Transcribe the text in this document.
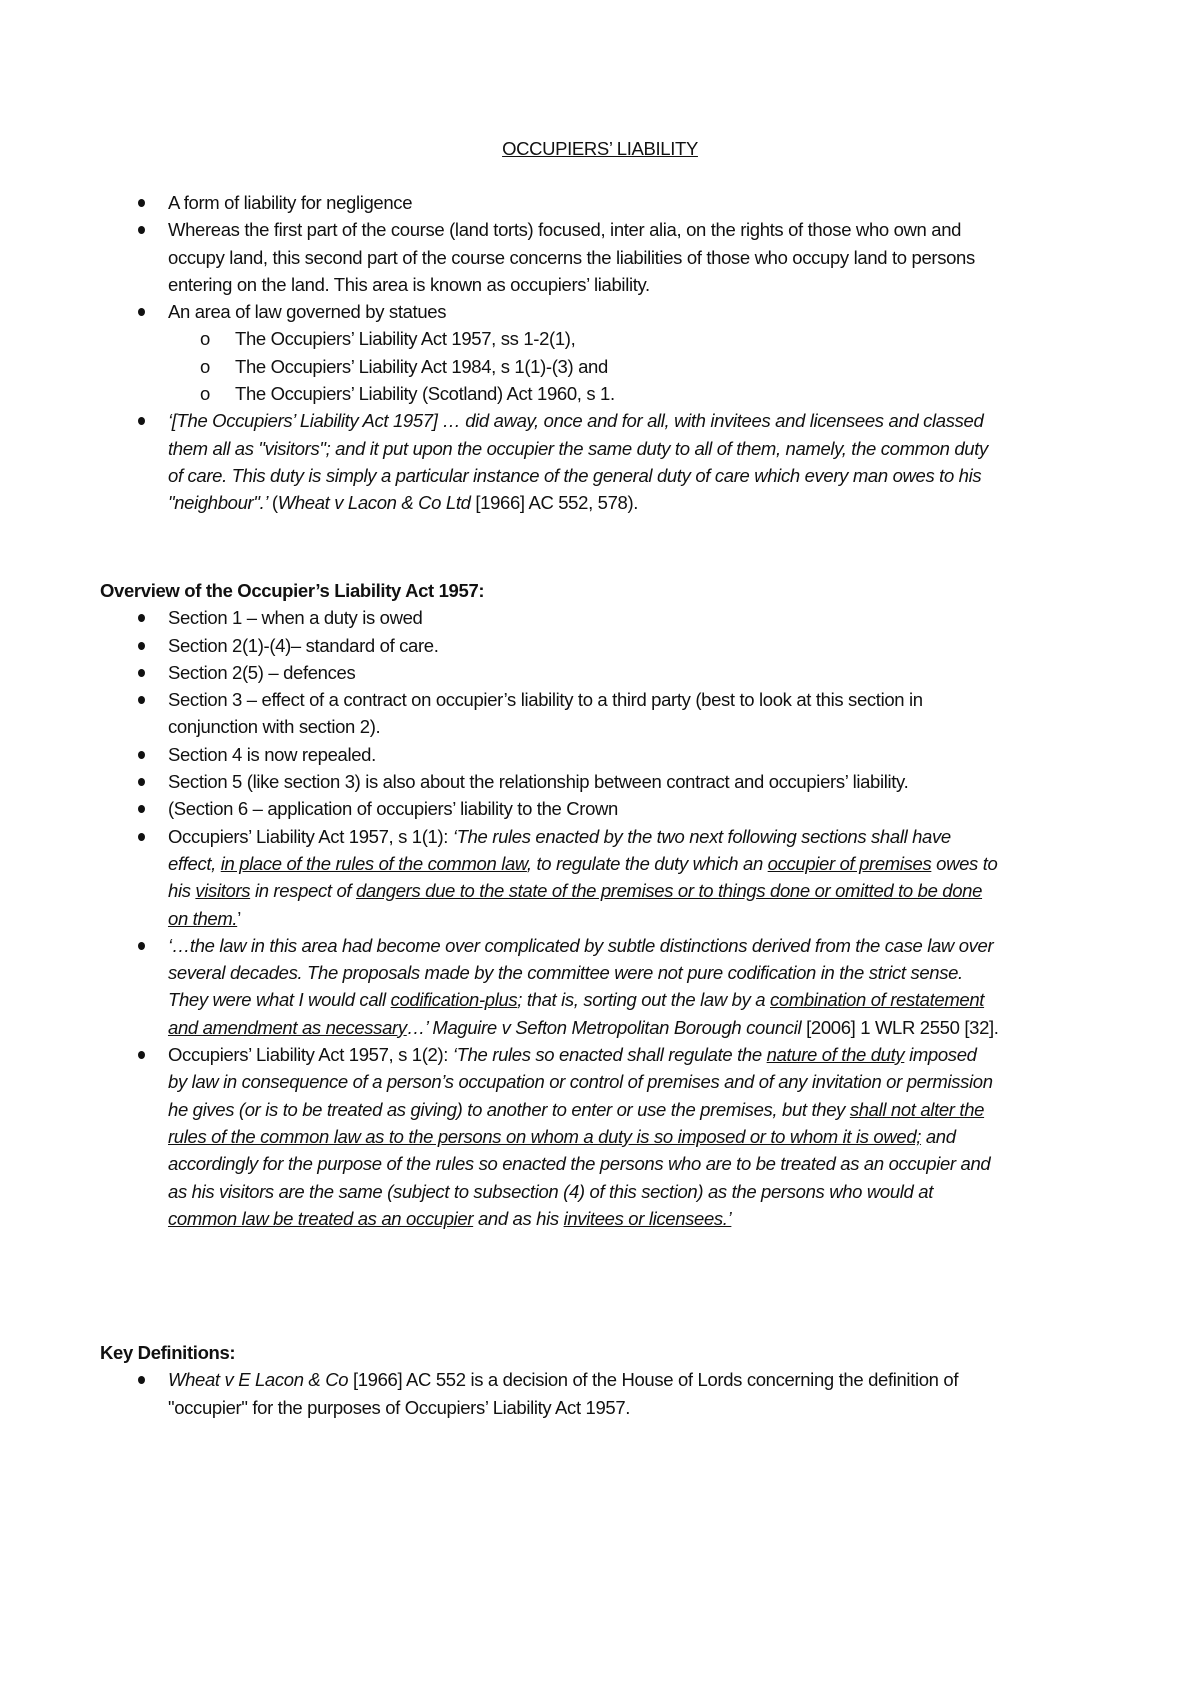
OCCUPIERS’ LIABILITY
A form of liability for negligence
Whereas the first part of the course (land torts) focused, inter alia, on the rights of those who own and occupy land, this second part of the course concerns the liabilities of those who occupy land to persons entering on the land. This area is known as occupiers’ liability.
An area of law governed by statues
o The Occupiers’ Liability Act 1957, ss 1-2(1),
o The Occupiers’ Liability Act 1984, s 1(1)-(3) and
o The Occupiers’ Liability (Scotland) Act 1960, s 1.
‘[The Occupiers’ Liability Act 1957] … did away, once and for all, with invitees and licensees and classed them all as "visitors"; and it put upon the occupier the same duty to all of them, namely, the common duty of care. This duty is simply a particular instance of the general duty of care which every man owes to his "neighbour".’ (Wheat v Lacon & Co Ltd [1966] AC 552, 578).

Overview of the Occupier’s Liability Act 1957:

Section 1 – when a duty is owed
Section 2(1)-(4)– standard of care.
Section 2(5) – defences
Section 3 – effect of a contract on occupier’s liability to a third party (best to look at this section in conjunction with section 2).
Section 4 is now repealed.
Section 5 (like section 3) is also about the relationship between contract and occupiers’ liability.
(Section 6 – application of occupiers’ liability to the Crown
Occupiers’ Liability Act 1957, s 1(1): ‘The rules enacted by the two next following sections shall have effect, in place of the rules of the common law, to regulate the duty which an occupier of premises owes to his visitors in respect of dangers due to the state of the premises or to things done or omitted to be done on them.’
‘…the law in this area had become over complicated by subtle distinctions derived from the case law over several decades. The proposals made by the committee were not pure codification in the strict sense. They were what I would call codification-plus; that is, sorting out the law by a combination of restatement and amendment as necessary…’ Maguire v Sefton Metropolitan Borough council [2006] 1 WLR 2550 [32].
Occupiers’ Liability Act 1957, s 1(2): ‘The rules so enacted shall regulate the nature of the duty imposed by law in consequence of a person’s occupation or control of premises and of any invitation or permission he gives (or is to be treated as giving) to another to enter or use the premises, but they shall not alter the rules of the common law as to the persons on whom a duty is so imposed or to whom it is owed; and accordingly for the purpose of the rules so enacted the persons who are to be treated as an occupier and as his visitors are the same (subject to subsection (4) of this section) as the persons who would at common law be treated as an occupier and as his invitees or licensees.’

Key Definitions:

Wheat v E Lacon & Co [1966] AC 552 is a decision of the House of Lords concerning the definition of "occupier" for the purposes of Occupiers’ Liability Act 1957.
